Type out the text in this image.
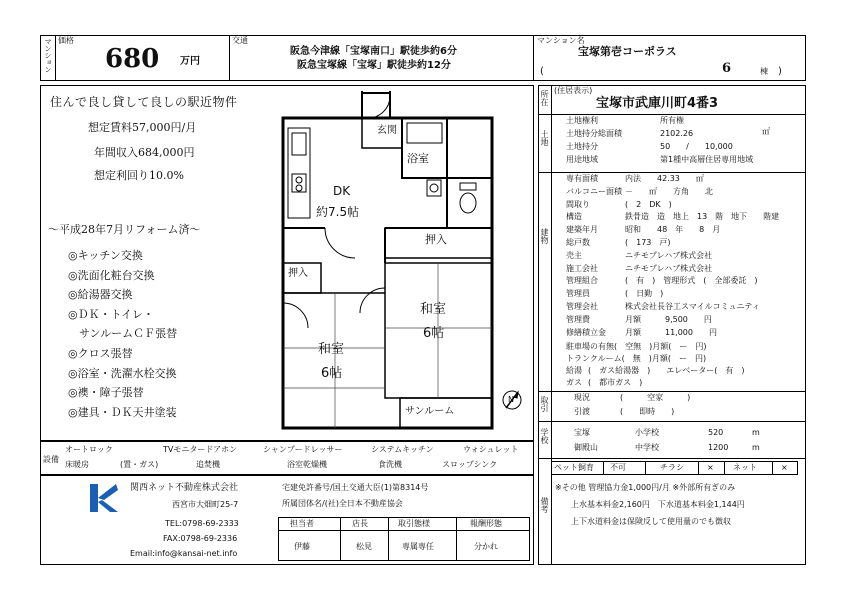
マンション 価格
680 万円
交通
阪急今津線「宝塚南口」駅徒歩約6分
阪急宝塚線「宝塚」駅徒歩約12分
マンション名
宝塚第壱コーポラス
(	6	棟 )
住んで良し貸して良しの駅近物件
想定賃料57,000円/月
年間収入684,000円
想定利回り10.0%
〜平成28年7月リフォーム済〜
◎キッチン交換
◎洗面化粧台交換
◎給湯器交換
◎ＤＫ・トイレ・
　サンルームＣＦ張替
◎クロス張替
◎浴室・洗濯水栓交換
◎襖・障子張替
◎建具・ＤＫ天井塗装
玄関
浴室
DK
約7.5帖
押入
押入
和室
6帖
和室
6帖
サンルーム
N
設備
オートロック	TVモニタードアホン	シャンプードレッサー	システムキッチン	ウォシュレット
床暖房	(置・ガス)	追焚機	浴室乾燥機	食洗機	スロップシンク
関西ネット不動産株式会社
西宮市大畑町25-7
TEL:0798-69-2333
FAX:0798-69-2336
Email:info@kansai-net.info
宅建免許番号/国土交通大臣(1)第8314号
所属団体名/(社)全日本不動産協会
担当者	店長	取引態様	報酬形態
伊藤	松見	専属専任	分かれ
所在 (住居表示)
宝塚市武庫川町4番3
土地
土地権利	所有権
土地持分総面積	2102.26	㎡
土地持分	50　　/　　10,000
用途地域	第1種中高層住居専用地域
建物
専有面積	内法　　42.33　　㎡
バルコニー面積 －　　㎡　　方角　　北
間取り	(　2　DK　)
構造	鉄骨造　造　地上　13　階　地下　　階建
建築年月	昭和　　48　年　　8　月
総戸数	(　173　戸)
売主	ニチモプレハブ株式会社
施工会社	ニチモプレハブ株式会社
管理組合	(　有　)　管理形式　(　全部委託　)
管理員	(　日勤　)
管理会社	株式会社長谷工スマイルコミュニティ
管理費	月額　　　9,500　　円
修繕積立金 月額　　　11,000　　円
駐車場の有無(　空無　)月額(　ー　円)
トランクルーム(　無　)月額(　ー　円)
給湯 (　ガス給湯器　)　　エレベーター(　有　)
ガス (　都市ガス　)
取引	現況	(　　　空家　　　)
引渡	(　　即時　　)
学校	宝塚	小学校	520	m
御殿山	中学校	1200	m
備考
ペット飼育 不可	チラシ	× ネット	×
※その他 管理協力金1,000円/月 ※外部所有ぎのみ
上水基本料金2,160円　下水道基本料金1,144円
上下水道料金は保険反して使用量のでも徴収
